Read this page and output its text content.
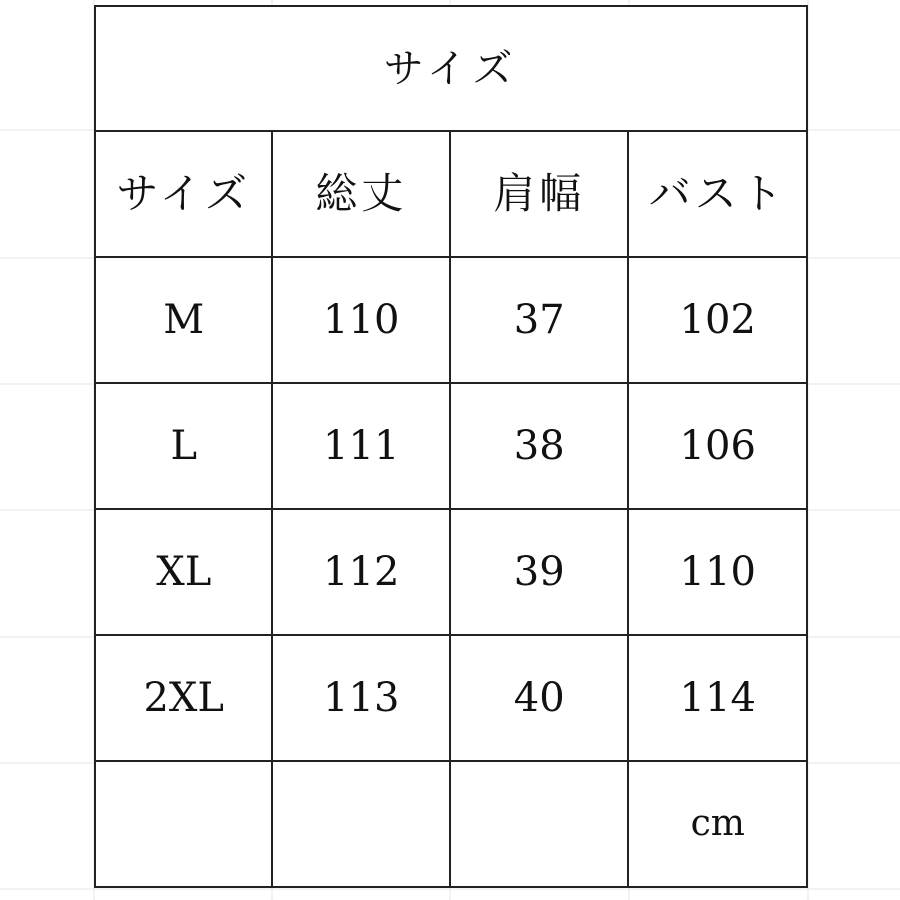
サイズ			
サイズ	総丈	肩幅	バスト
M	110	37	102
L	111	38	106
XL	112	39	110
2XL	113	40	114
			cm
